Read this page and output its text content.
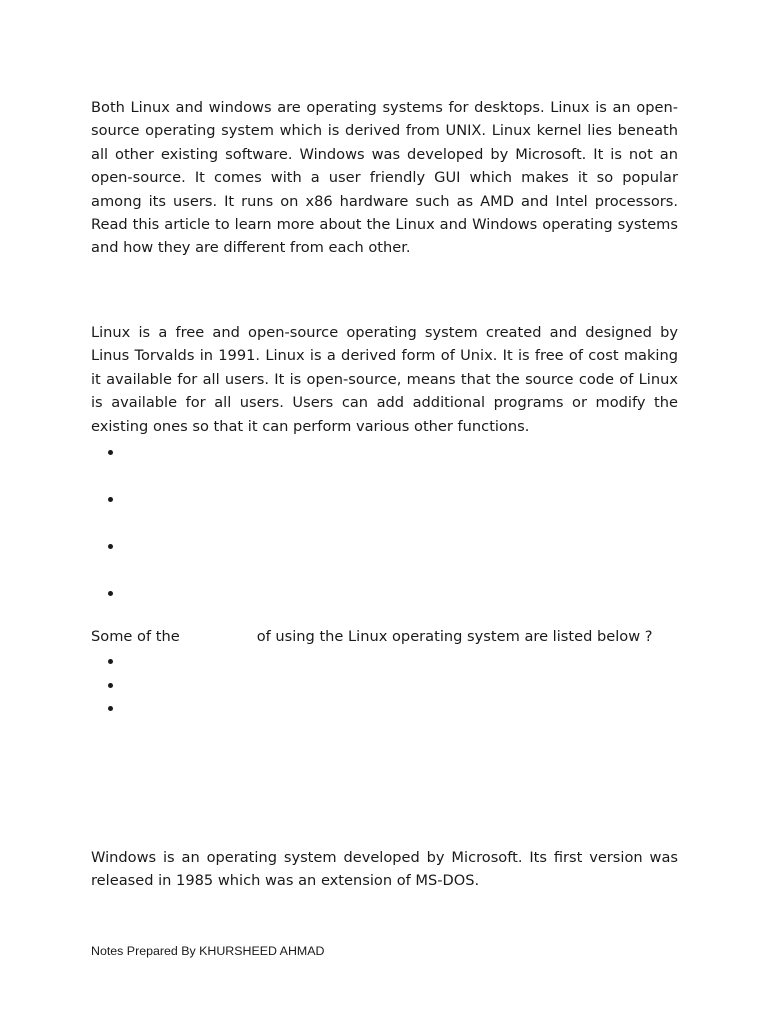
Both Linux and windows are operating systems for desktops. Linux is an open-source operating system which is derived from UNIX. Linux kernel lies beneath all other existing software. Windows was developed by Microsoft. It is not an open-source. It comes with a user friendly GUI which makes it so popular among its users. It runs on x86 hardware such as AMD and Intel processors. Read this article to learn more about the Linux and Windows operating systems and how they are different from each other.

Linux is a free and open-source operating system created and designed by Linus Torvalds in 1991. Linux is a derived form of Unix. It is free of cost making it available for all users. It is open-source, means that the source code of Linux is available for all users. Users can add additional programs or modify the existing ones so that it can perform various other functions.

Some of the	of using the Linux operating system are listed below ?

Windows is an operating system developed by Microsoft. Its first version was released in 1985 which was an extension of MS-DOS.

Notes Prepared By KHURSHEED AHMAD
